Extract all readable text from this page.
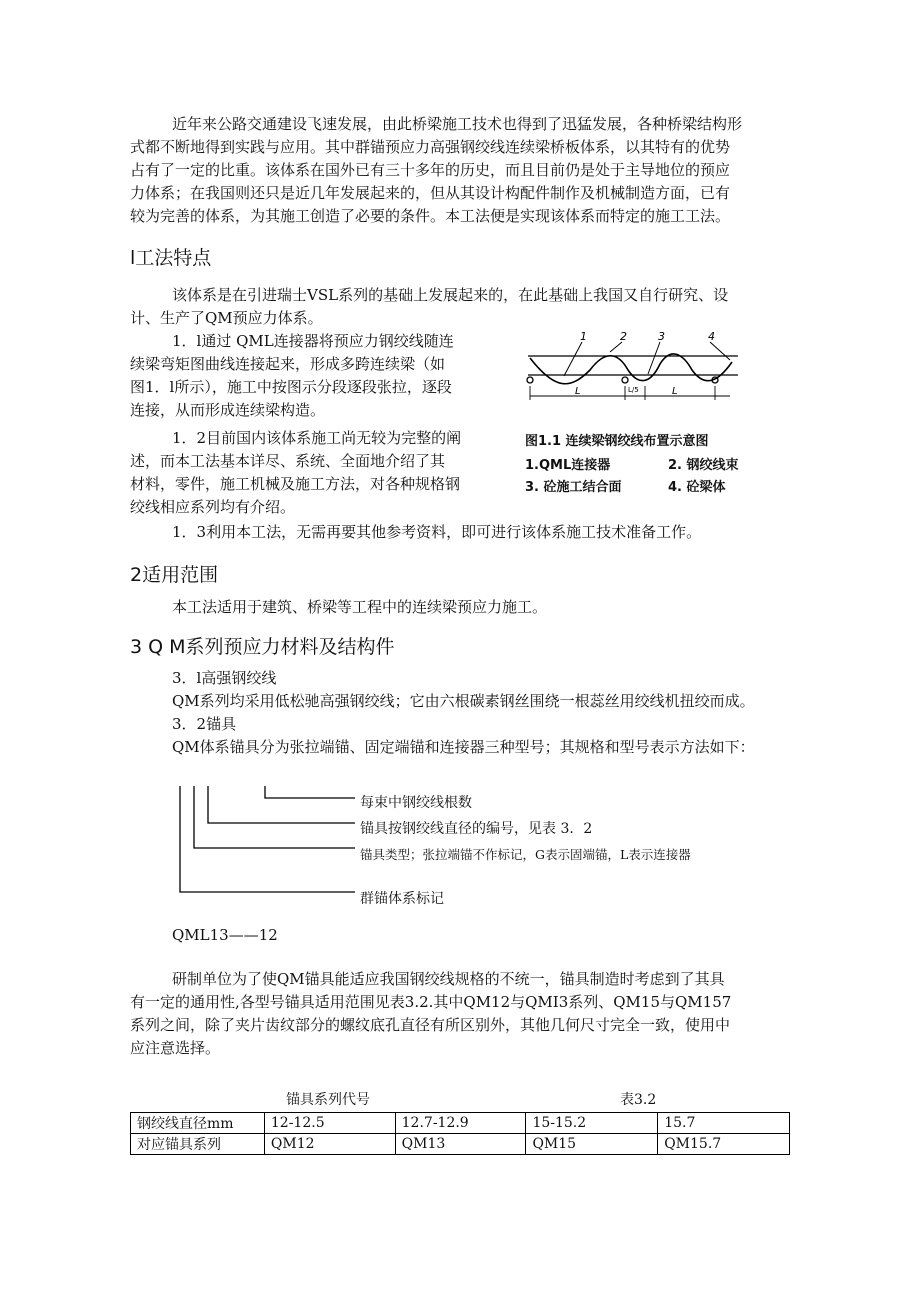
近年来公路交通建设飞速发展，由此桥梁施工技术也得到了迅猛发展，各种桥梁结构形
式都不断地得到实践与应用。其中群锚预应力高强钢绞线连续梁桥板体系，以其特有的优势
占有了一定的比重。该体系在国外已有三十多年的历史，而且目前仍是处于主导地位的预应
力体系；在我国则还只是近几年发展起来的，但从其设计构配件制作及机械制造方面，已有
较为完善的体系，为其施工创造了必要的条件。本工法便是实现该体系而特定的施工工法。
l工法特点
该体系是在引进瑞士VSL系列的基础上发展起来的，在此基础上我国又自行研究、设
计、生产了QM预应力体系。
1．l通过 QML连接器将预应力钢绞线随连
续梁弯矩图曲线连接起来，形成多跨连续梁（如
图1．l所示），施工中按图示分段逐段张拉，逐段
连接，从而形成连续梁构造。
1．2目前国内该体系施工尚无较为完整的阐
述，而本工法基本详尽、系统、全面地介绍了其
材料，零件，施工机械及施工方法，对各种规格钢
绞线相应系列均有介绍。
1．3利用本工法，无需再要其他参考资料，即可进行该体系施工技术准备工作。
1	2	3	4
L/5
L	L
图1.1 连续梁钢绞线布置示意图
1.QML连接器	2. 钢绞线束
3. 砼施工结合面	4. 砼梁体
2适用范围
本工法适用于建筑、桥梁等工程中的连续梁预应力施工。
3 Q M系列预应力材料及结构件
3．l高强钢绞线
QM系列均采用低松驰高强钢绞线；它由六根碳素钢丝围绕一根蕊丝用绞线机扭绞而成。
3．2锚具
QM体系锚具分为张拉端锚、固定端锚和连接器三种型号；其规格和型号表示方法如下：
每束中钢绞线根数
锚具按钢绞线直径的编号，见表 3．2
锚具类型；张拉端锚不作标记，G表示固端锚，L表示连接器
群锚体系标记
QML13——12
研制单位为了使QM锚具能适应我国钢绞线规格的不统一，锚具制造时考虑到了其具
有一定的通用性,各型号锚具适用范围见表3.2.其中QM12与QMI3系列、QM15与QM157
系列之间，除了夹片齿纹部分的螺纹底孔直径有所区别外，其他几何尺寸完全一致，使用中
应注意选择。
锚具系列代号	表3.2
钢绞线直径mm	12-12.5	12.7-12.9	15-15.2	15.7
对应锚具系列	QM12	QM13	QM15	QM15.7
